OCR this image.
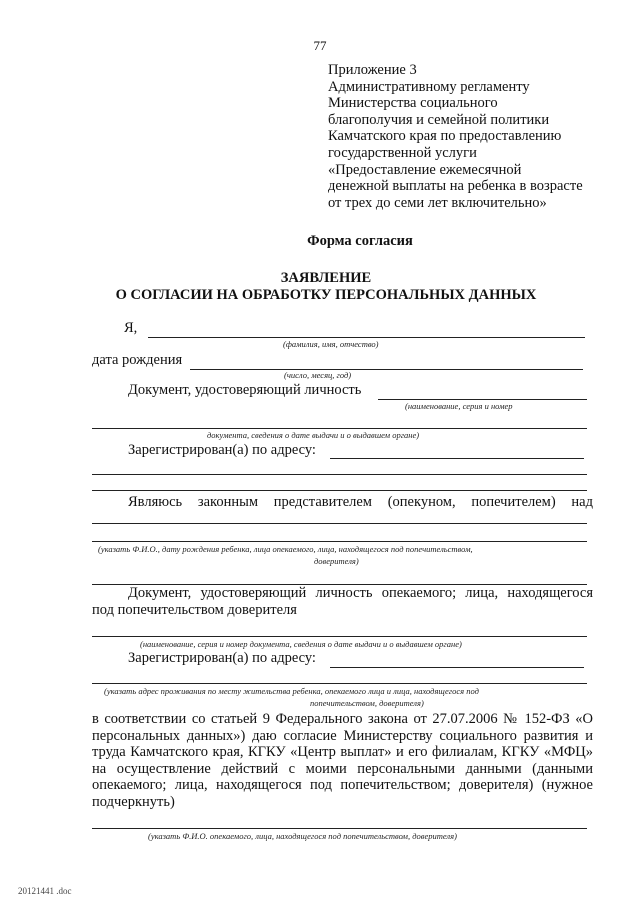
77
Приложение 3
Административному регламенту
Министерства социального
благополучия и семейной политики
Камчатского края по предоставлению
государственной услуги
«Предоставление ежемесячной
денежной выплаты на ребенка в возрасте
от трех до семи лет включительно»
Форма согласия
ЗАЯВЛЕНИЕ
О СОГЛАСИИ НА ОБРАБОТКУ ПЕРСОНАЛЬНЫХ ДАННЫХ
Я,
(фамилия, имя, отчество)
дата рождения
(число, месяц, год)
Документ, удостоверяющий личность
(наименование, серия и номер
документа, сведения о дате выдачи и о выдавшем органе)
Зарегистрирован(а) по адресу:
Являюсь законным представителем (опекуном, попечителем) над
(указать Ф.И.О., дату рождения ребенка, лица опекаемого, лица, находящегося под попечительством,
доверителя)
Документ, удостоверяющий личность опекаемого; лица, находящегося
под попечительством доверителя
(наименование, серия и номер документа, сведения о дате выдачи и о выдавшем органе)
Зарегистрирован(а) по адресу:
(указать адрес проживания по месту жительства ребенка, опекаемого лица и лица, находящегося под
попечительством, доверителя)
в соответствии со статьей 9 Федерального закона от 27.07.2006 № 152-ФЗ «О персональных данных») даю согласие Министерству социального развития и труда Камчатского края, КГКУ «Центр выплат» и его филиалам, КГКУ «МФЦ» на осуществление действий с моими персональными данными (данными опекаемого; лица, находящегося под попечительством; доверителя) (нужное подчеркнуть)
(указать Ф.И.О. опекаемого, лица, находящегося под попечительством, доверителя)
20121441 .doc
